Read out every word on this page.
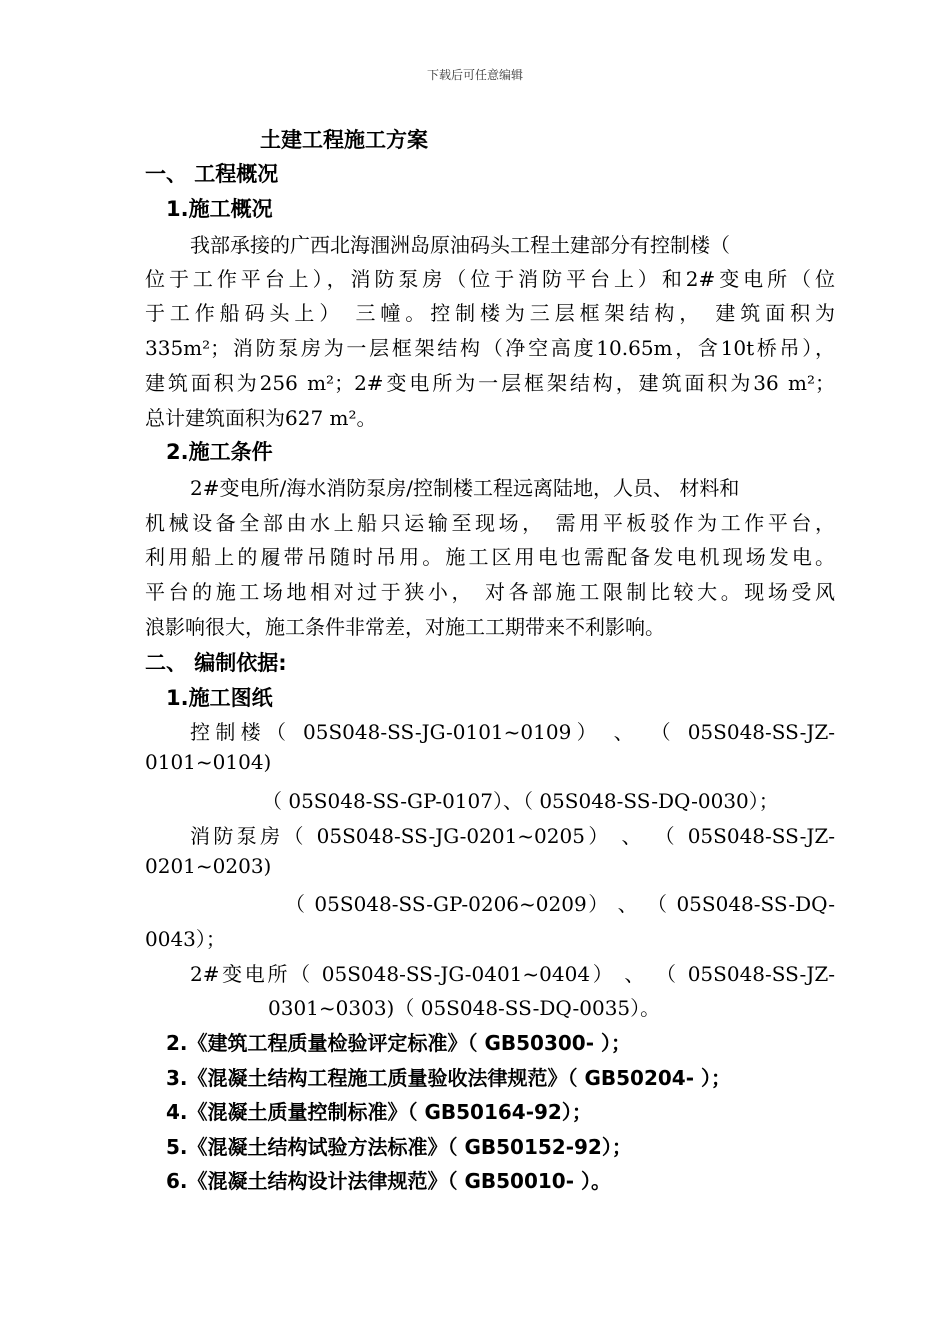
下载后可任意编辑
土建工程施工方案
一、 工程概况
1.施工概况
我部承接的广西北海涠洲岛原油码头工程土建部分有控制楼（
位于工作平台上），消防泵房（位于消防平台上）和2#变电所（位
于工作船码头上） 三幢。控制楼为三层框架结构， 建筑面积为
335m²；消防泵房为一层框架结构（净空高度10.65m，含10t桥吊），
建筑面积为256 m²；2#变电所为一层框架结构，建筑面积为36 m²；
总计建筑面积为627 m²。
2.施工条件
2#变电所/海水消防泵房/控制楼工程远离陆地，人员、 材料和
机械设备全部由水上船只运输至现场， 需用平板驳作为工作平台，
利用船上的履带吊随时吊用。施工区用电也需配备发电机现场发电。
平台的施工场地相对过于狭小， 对各部施工限制比较大。现场受风
浪影响很大，施工条件非常差，对施工工期带来不利影响。
二、 编制依据:
1.施工图纸
控制楼（ 05S048-SS-JG-0101~0109） 、 （ 05S048-SS-JZ-
0101~0104)
（ 05S048-SS-GP-0107）、（ 05S048-SS-DQ-0030）；
消防泵房（ 05S048-SS-JG-0201~0205） 、 （ 05S048-SS-JZ-
0201~0203)
（ 05S048-SS-GP-0206~0209） 、 （ 05S048-SS-DQ-
0043）；
2#变电所（ 05S048-SS-JG-0401~0404） 、 （ 05S048-SS-JZ-
0301~0303)（ 05S048-SS-DQ-0035）。
2.《建筑工程质量检验评定标准》（ GB50300- ）；
3.《混凝土结构工程施工质量验收法律规范》（ GB50204- ）；
4.《混凝土质量控制标准》（ GB50164-92）；
5.《混凝土结构试验方法标准》（ GB50152-92）；
6.《混凝土结构设计法律规范》（ GB50010- ）。
